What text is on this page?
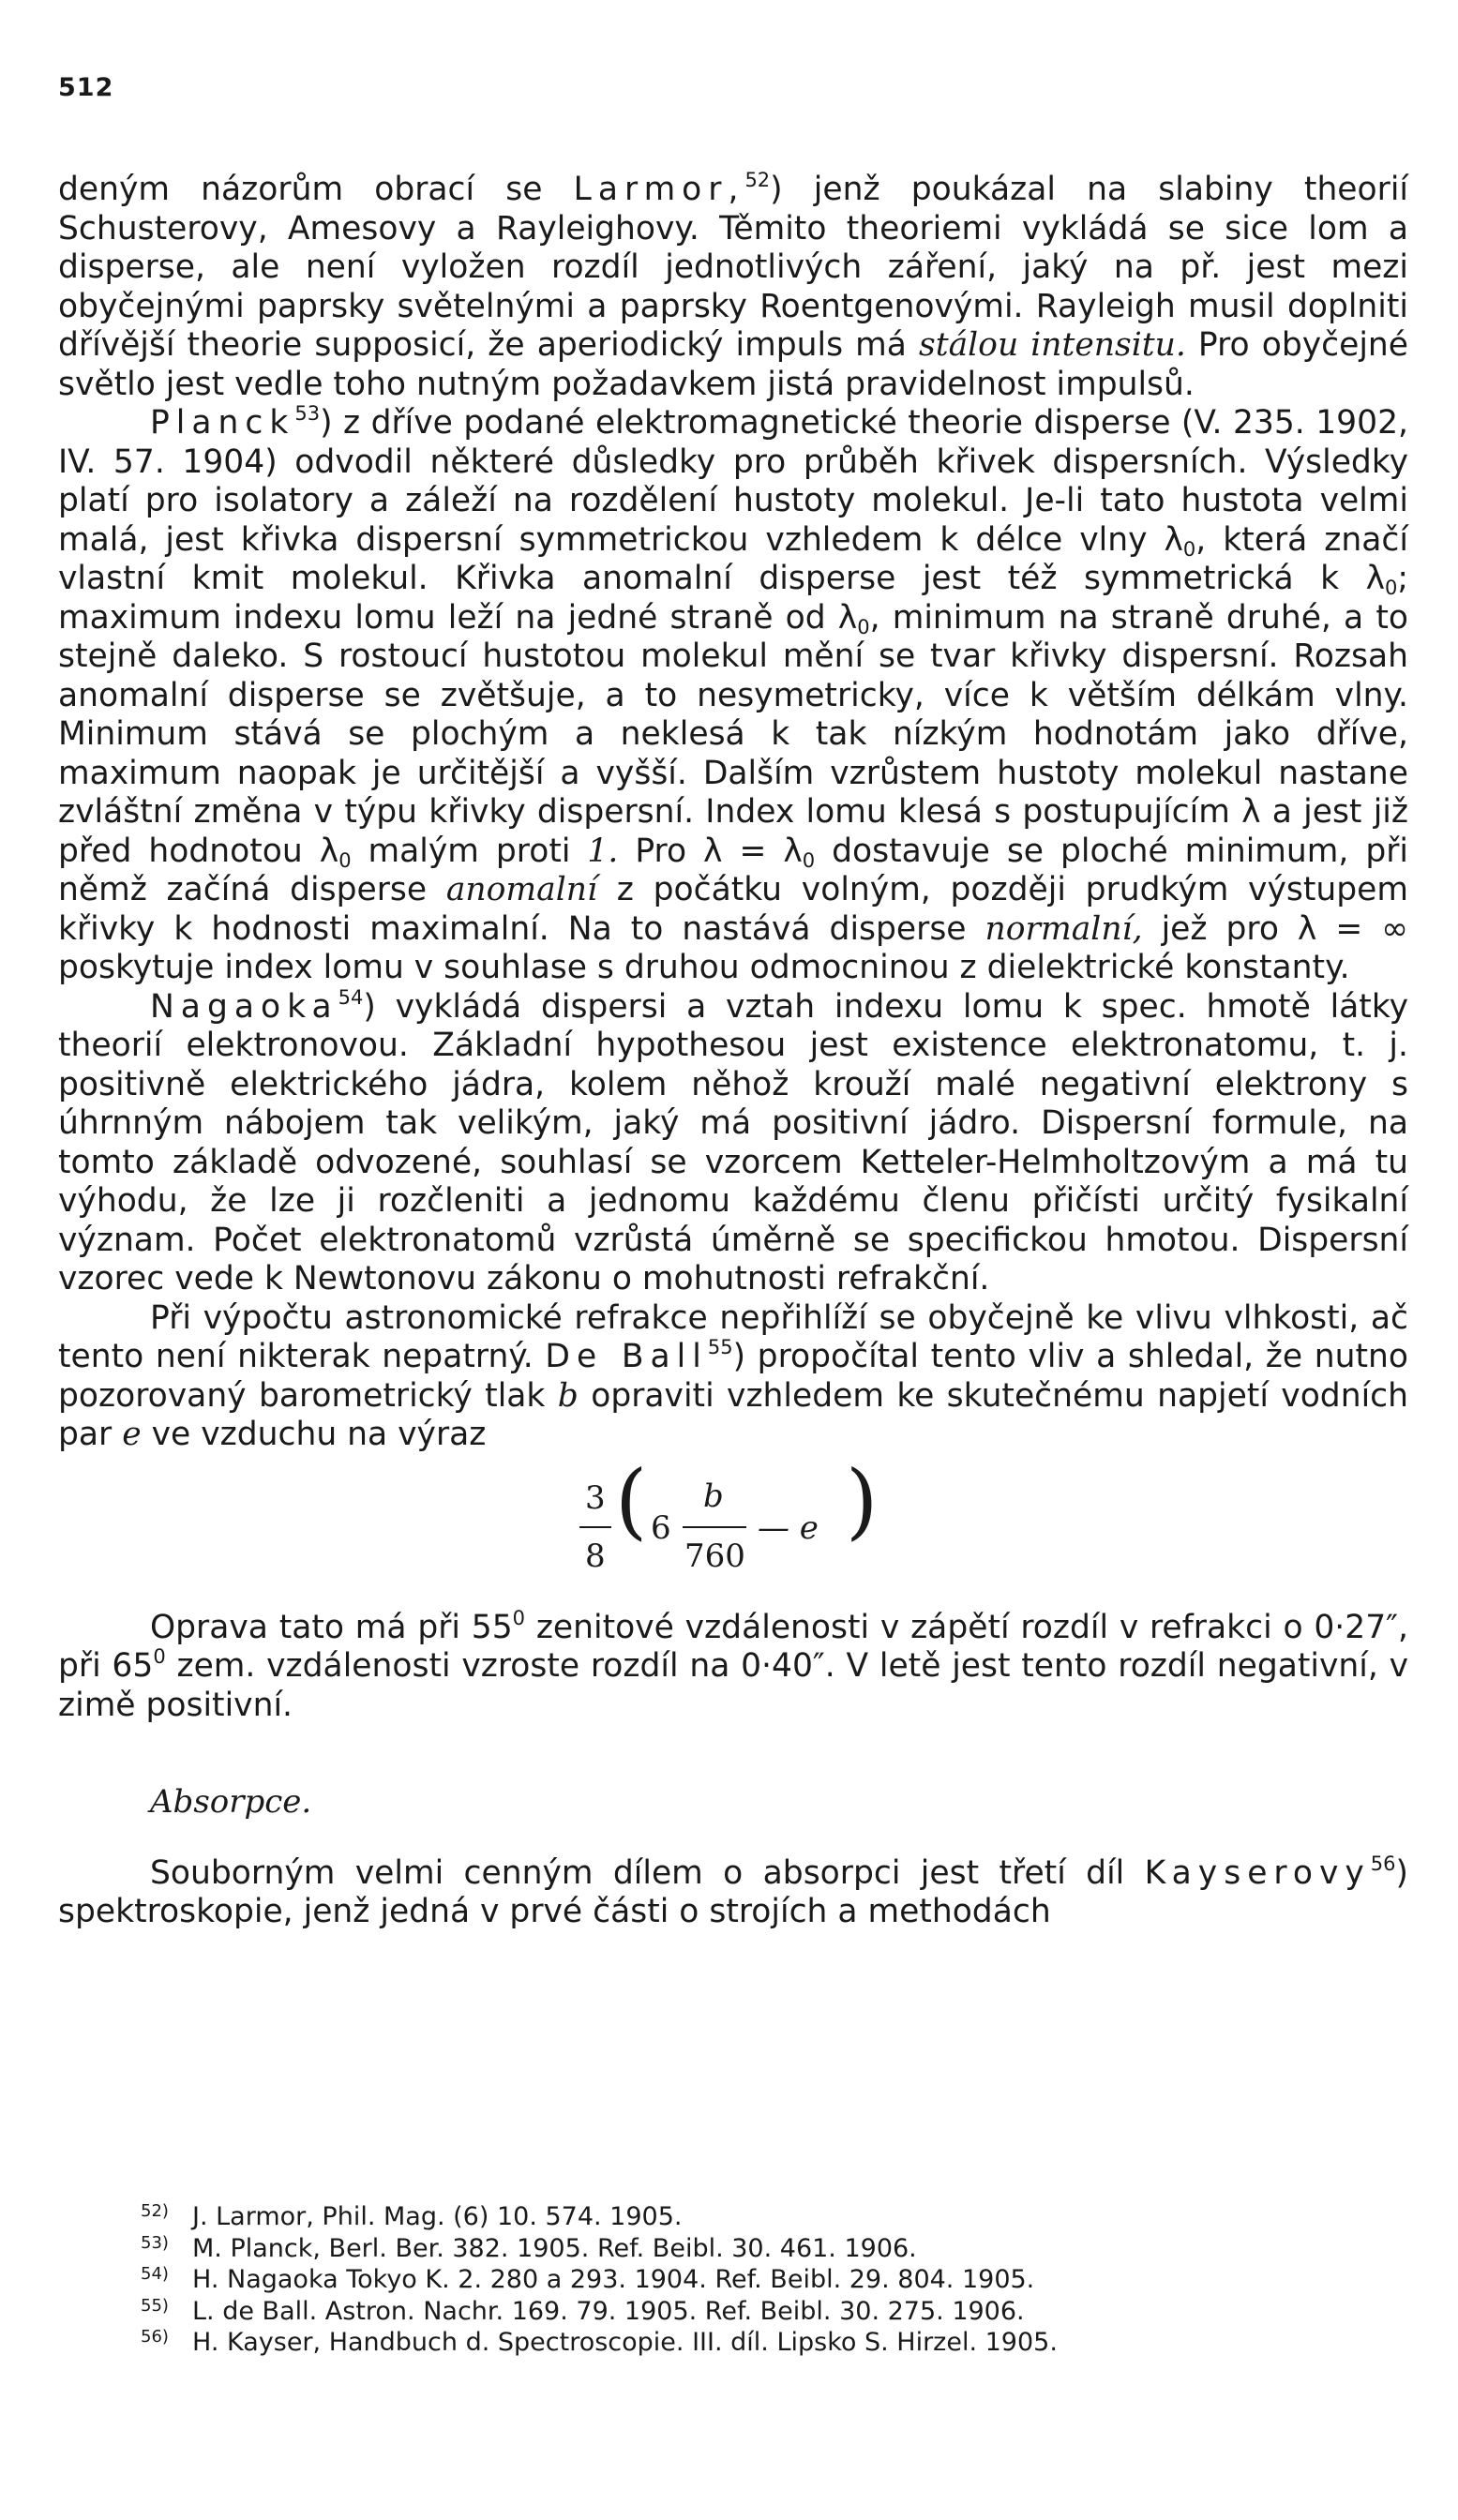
512

deným názorům obrací se Larmor,$^{52}$) jenž poukázal na slabiny theorií Schusterovy, Amesovy a Rayleighovy. Těmito theoriemi vykládá se sice lom a disperse, ale není vyložen rozdíl jednotlivých záření, jaký na př. jest mezi obyčejnými paprsky světelnými a paprsky Roentgenovými. Rayleigh musil doplniti dřívější theorie supposicí, že aperiodický impuls má stálou intensitu. Pro obyčejné světlo jest vedle toho nutným požadavkem jistá pravidelnost impulsů.

Planck$^{53}$) z dříve podané elektromagnetické theorie disperse (V. 235. 1902, IV. 57. 1904) odvodil některé důsledky pro průběh křivek dispersních. Výsledky platí pro isolatory a záleží na rozdělení hustoty molekul. Je-li tato hustota velmi malá, jest křivka dispersní symmetrickou vzhledem k délce vlny $\lambda_0$, která značí vlastní kmit molekul. Křivka anomalní disperse jest též symmetrická k $\lambda_0$; maximum indexu lomu leží na jedné straně od $\lambda_0$, minimum na straně druhé, a to stejně daleko. S rostoucí hustotou molekul mění se tvar křivky dispersní. Rozsah anomalní disperse se zvětšuje, a to nesymetricky, více k větším délkám vlny. Minimum stává se plochým a neklesá k tak nízkým hodnotám jako dříve, maximum naopak je určitější a vyšší. Dalším vzrůstem hustoty molekul nastane zvláštní změna v týpu křivky dispersní. Index lomu klesá s postupujícím λ a jest již před hodnotou $\lambda_0$ malým proti 1. Pro $\lambda = \lambda_0$ dostavuje se ploché minimum, při němž začíná disperse anomalní z počátku volným, později prudkým výstupem křivky k hodnosti maximalní. Na to nastává disperse normalní, jež pro λ = ∞ poskytuje index lomu v souhlase s druhou odmocninou z dielektrické konstanty.

Nagaoka$^{54}$) vykládá dispersi a vztah indexu lomu k spec. hmotě látky theorií elektronovou. Základní hypothesou jest existence elektronatomu, t. j. positivně elektrického jádra, kolem něhož krouží malé negativní elektrony s úhrnným nábojem tak velikým, jaký má positivní jádro. Dispersní formule, na tomto základě odvozené, souhlasí se vzorcem Ketteler-Helmholtzovým a má tu výhodu, že lze ji rozčleniti a jednomu každému členu přičísti určitý fysikalní význam. Počet elektronatomů vzrůstá úměrně se specifickou hmotou. Dispersní vzorec vede k Newtonovu zákonu o mohutnosti refrakční.

Při výpočtu astronomické refrakce nepřihlíží se obyčejně ke vlivu vlhkosti, ač tento není nikterak nepatrný. De Ball$^{55}$) propočítal tento vliv a shledal, že nutno pozorovaný barometrický tlak b opraviti vzhledem ke skutečnému napjetí vodních par e ve vzduchu na výraz

3
8
( 6
b
760
— e )

Oprava tato má při $55^0$ zenitové vzdálenosti v zápětí rozdíl v refrakci o 0·27″, při $65^0$ zem. vzdálenosti vzroste rozdíl na 0·40″. V letě jest tento rozdíl negativní, v zimě positivní.

Absorpce.

Souborným velmi cenným dílem o absorpci jest třetí díl Kayserovy$^{56}$) spektroskopie, jenž jedná v prvé části o strojích a methodách

52) J. Larmor, Phil. Mag. (6) 10. 574. 1905.
53) M. Planck, Berl. Ber. 382. 1905. Ref. Beibl. 30. 461. 1906.
54) H. Nagaoka Tokyo K. 2. 280 a 293. 1904. Ref. Beibl. 29. 804. 1905.
55) L. de Ball. Astron. Nachr. 169. 79. 1905. Ref. Beibl. 30. 275. 1906.
56) H. Kayser, Handbuch d. Spectroscopie. III. díl. Lipsko S. Hirzel. 1905.
